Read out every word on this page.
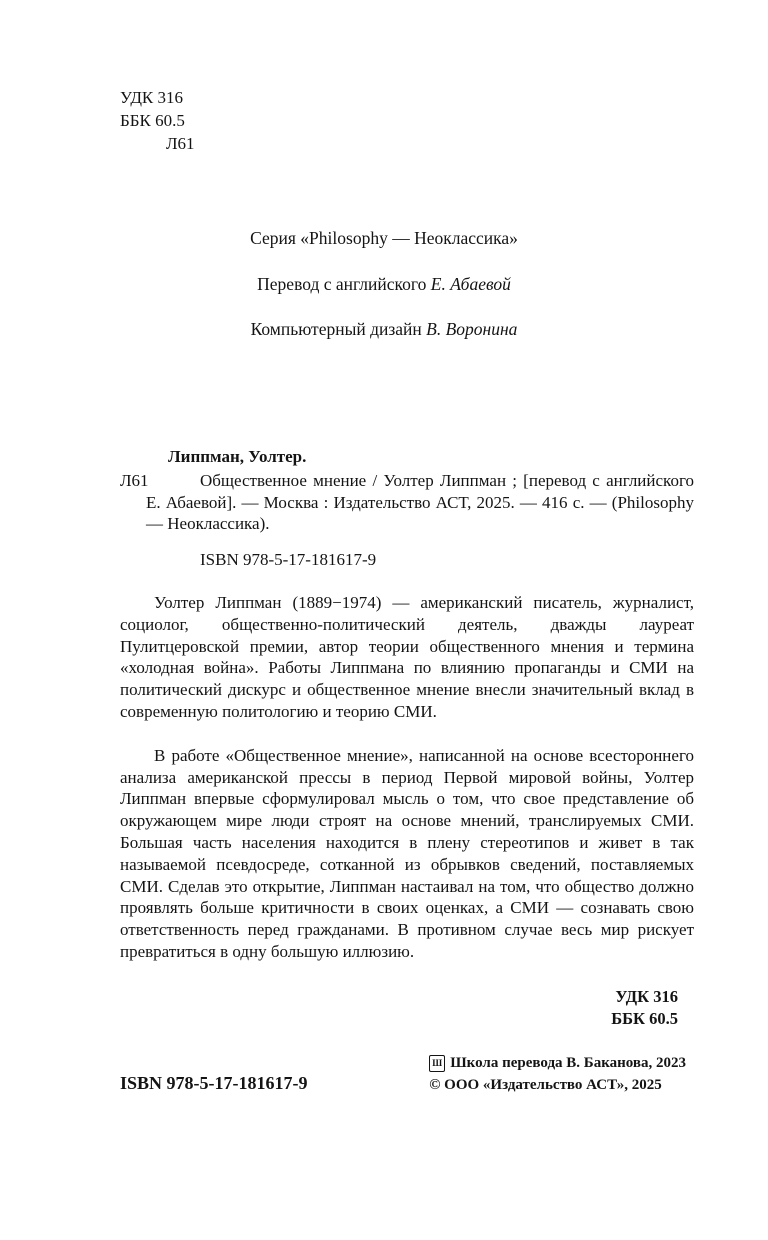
УДК 316
ББК 60.5
Л61
Серия «Philosophy — Неоклассика»
Перевод с английского Е. Абаевой
Компьютерный дизайн В. Воронина
Липпман, Уолтер.
Л61	Общественное мнение / Уолтер Липпман ; [перевод с английского Е. Абаевой]. — Москва : Издательство АСТ, 2025. — 416 с. — (Philosophy — Неоклассика).

ISBN 978-5-17-181617-9

Уолтер Липпман (1889−1974) — американский писатель, журналист, социолог, общественно-политический деятель, дважды лауреат Пулитцеровской премии, автор теории общественного мнения и термина «холодная война». Работы Липпмана по влиянию пропаганды и СМИ на политический дискурс и общественное мнение внесли значительный вклад в современную политологию и теорию СМИ.

В работе «Общественное мнение», написанной на основе всестороннего анализа американской прессы в период Первой мировой войны, Уолтер Липпман впервые сформулировал мысль о том, что свое представление об окружающем мире люди строят на основе мнений, транслируемых СМИ. Большая часть населения находится в плену стереотипов и живет в так называемой псевдосреде, сотканной из обрывков сведений, поставляемых СМИ. Сделав это открытие, Липпман настаивал на том, что общество должно проявлять больше критичности в своих оценках, а СМИ — сознавать свою ответственность перед гражданами. В противном случае весь мир рискует превратиться в одну большую иллюзию.

УДК 316
ББК 60.5
ISBN 978-5-17-181617-9
Ш Школа перевода В. Баканова, 2023
© ООО «Издательство АСТ», 2025
